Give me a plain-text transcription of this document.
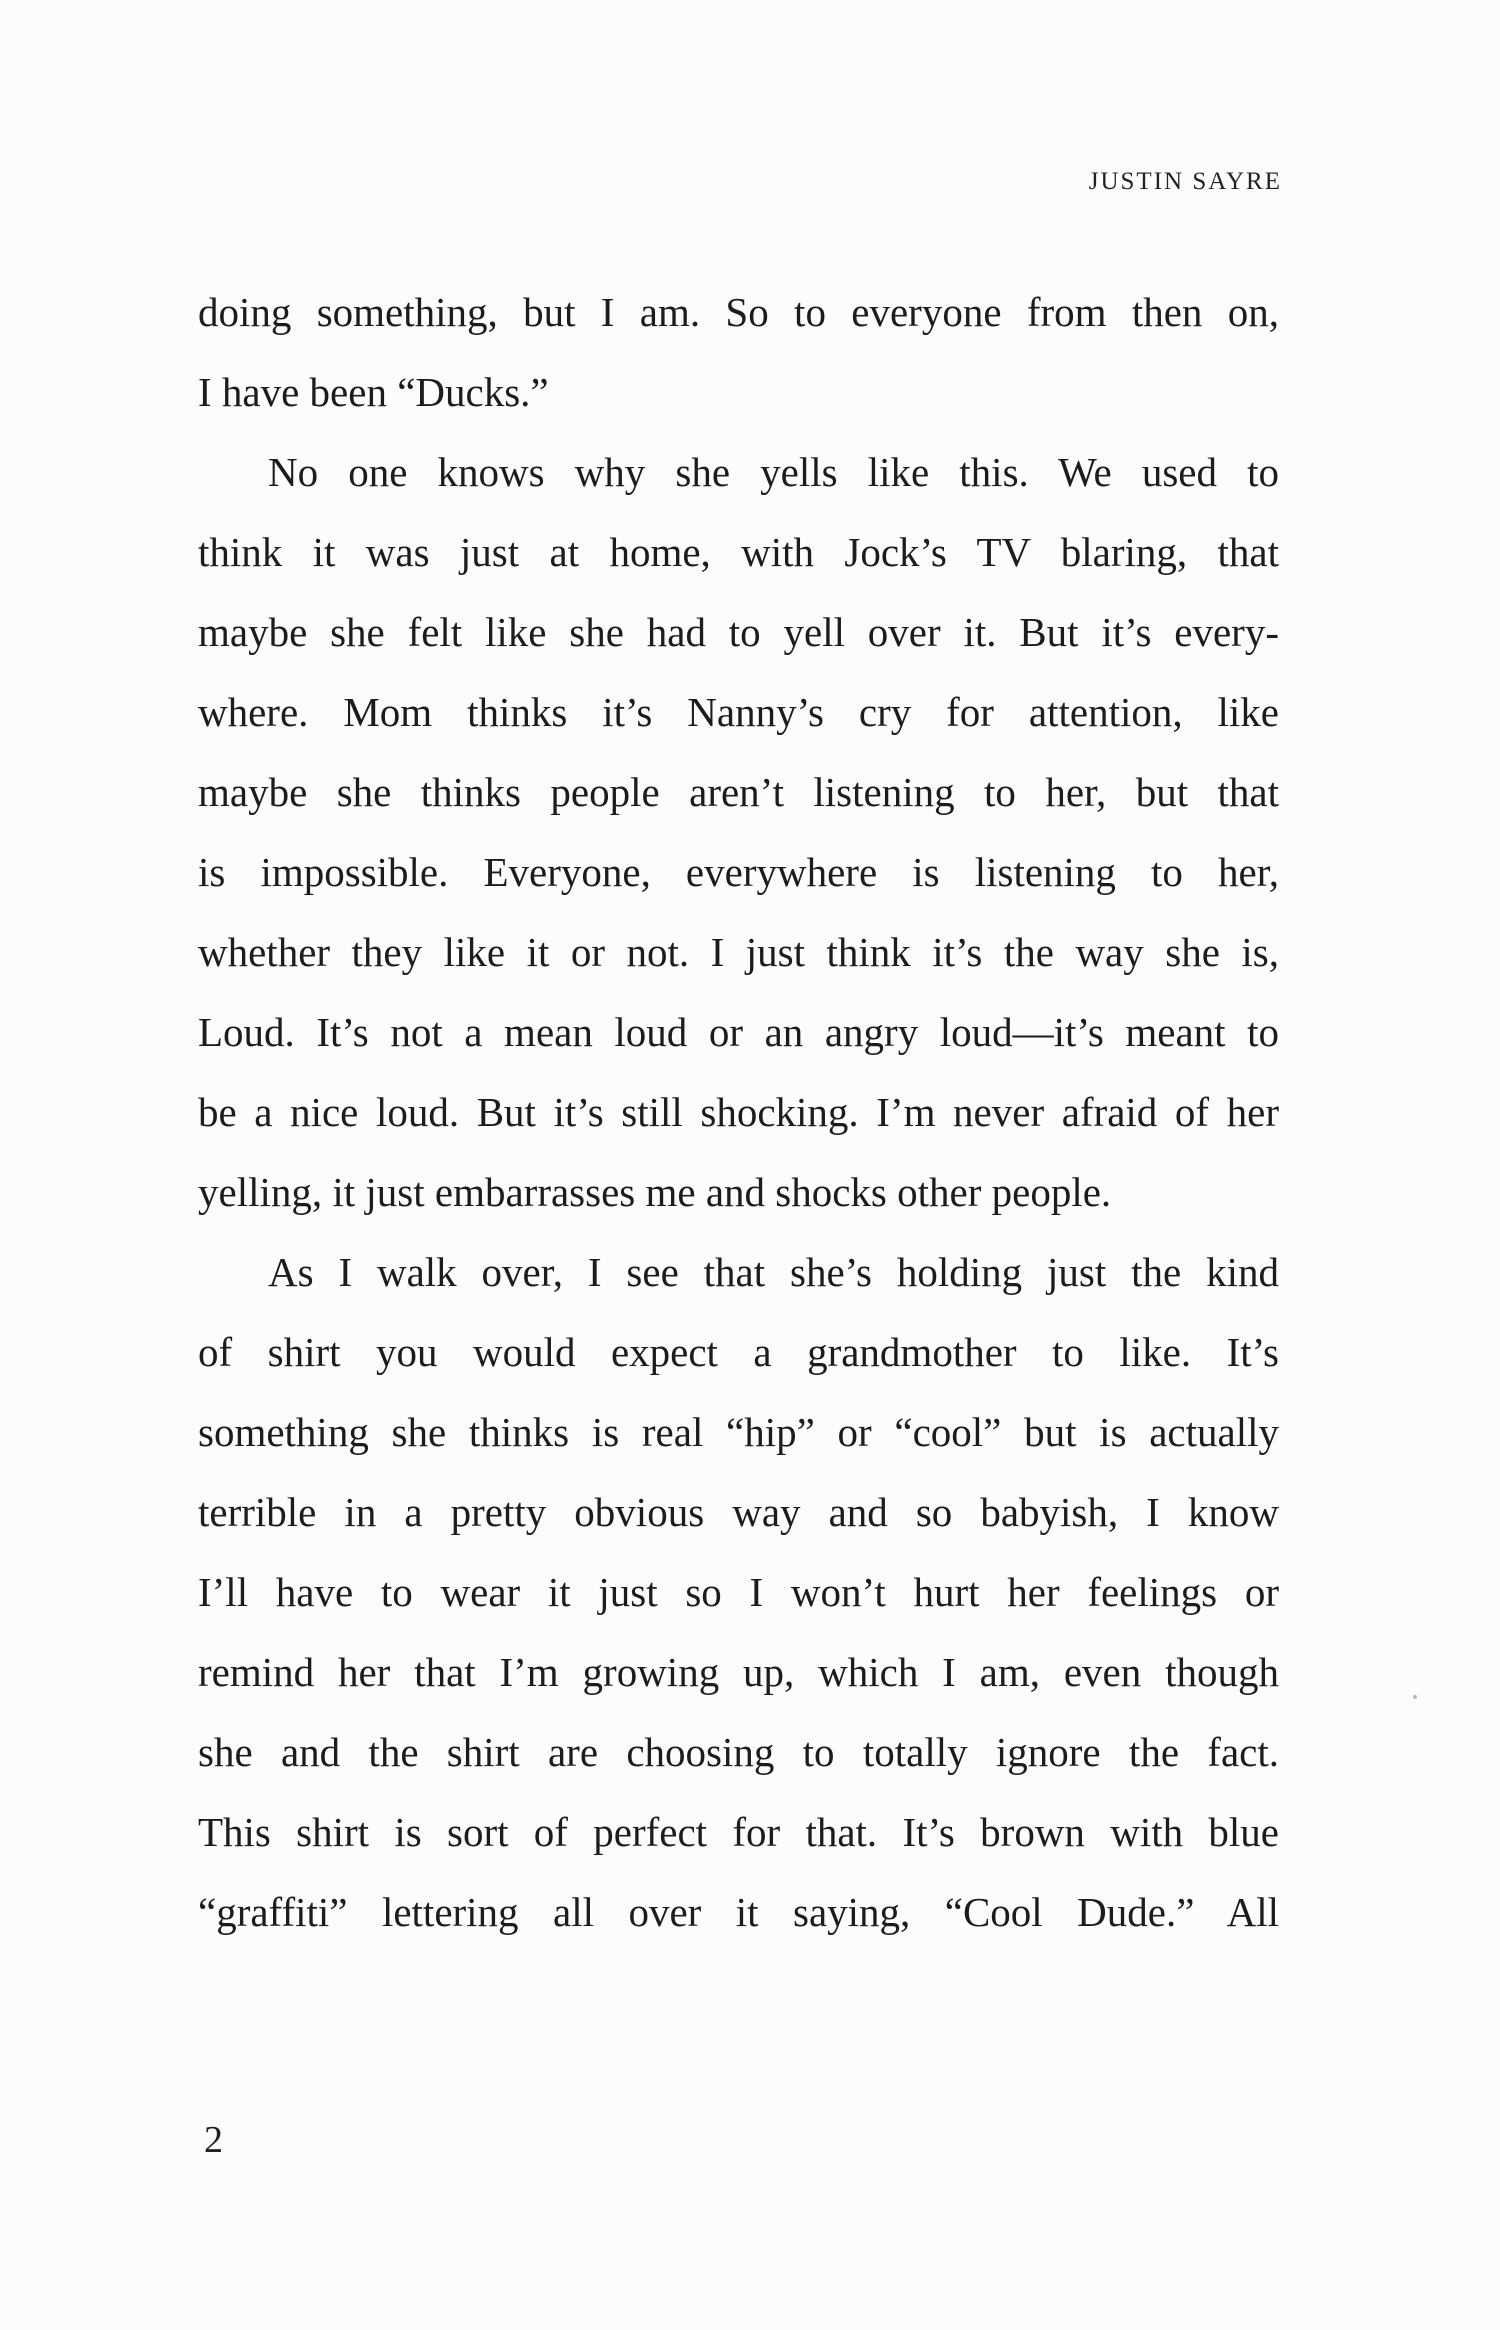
JUSTIN SAYRE
doing something, but I am. So to everyone from then on,
I have been “Ducks.”
No one knows why she yells like this. We used to
think it was just at home, with Jock’s TV blaring, that
maybe she felt like she had to yell over it. But it’s every-
where. Mom thinks it’s Nanny’s cry for attention, like
maybe she thinks people aren’t listening to her, but that
is impossible. Everyone, everywhere is listening to her,
whether they like it or not. I just think it’s the way she is,
Loud. It’s not a mean loud or an angry loud—it’s meant to
be a nice loud. But it’s still shocking. I’m never afraid of her
yelling, it just embarrasses me and shocks other people.
As I walk over, I see that she’s holding just the kind
of shirt you would expect a grandmother to like. It’s
something she thinks is real “hip” or “cool” but is actually
terrible in a pretty obvious way and so babyish, I know
I’ll have to wear it just so I won’t hurt her feelings or
remind her that I’m growing up, which I am, even though
she and the shirt are choosing to totally ignore the fact.
This shirt is sort of perfect for that. It’s brown with blue
“graffiti” lettering all over it saying, “Cool Dude.” All
2
